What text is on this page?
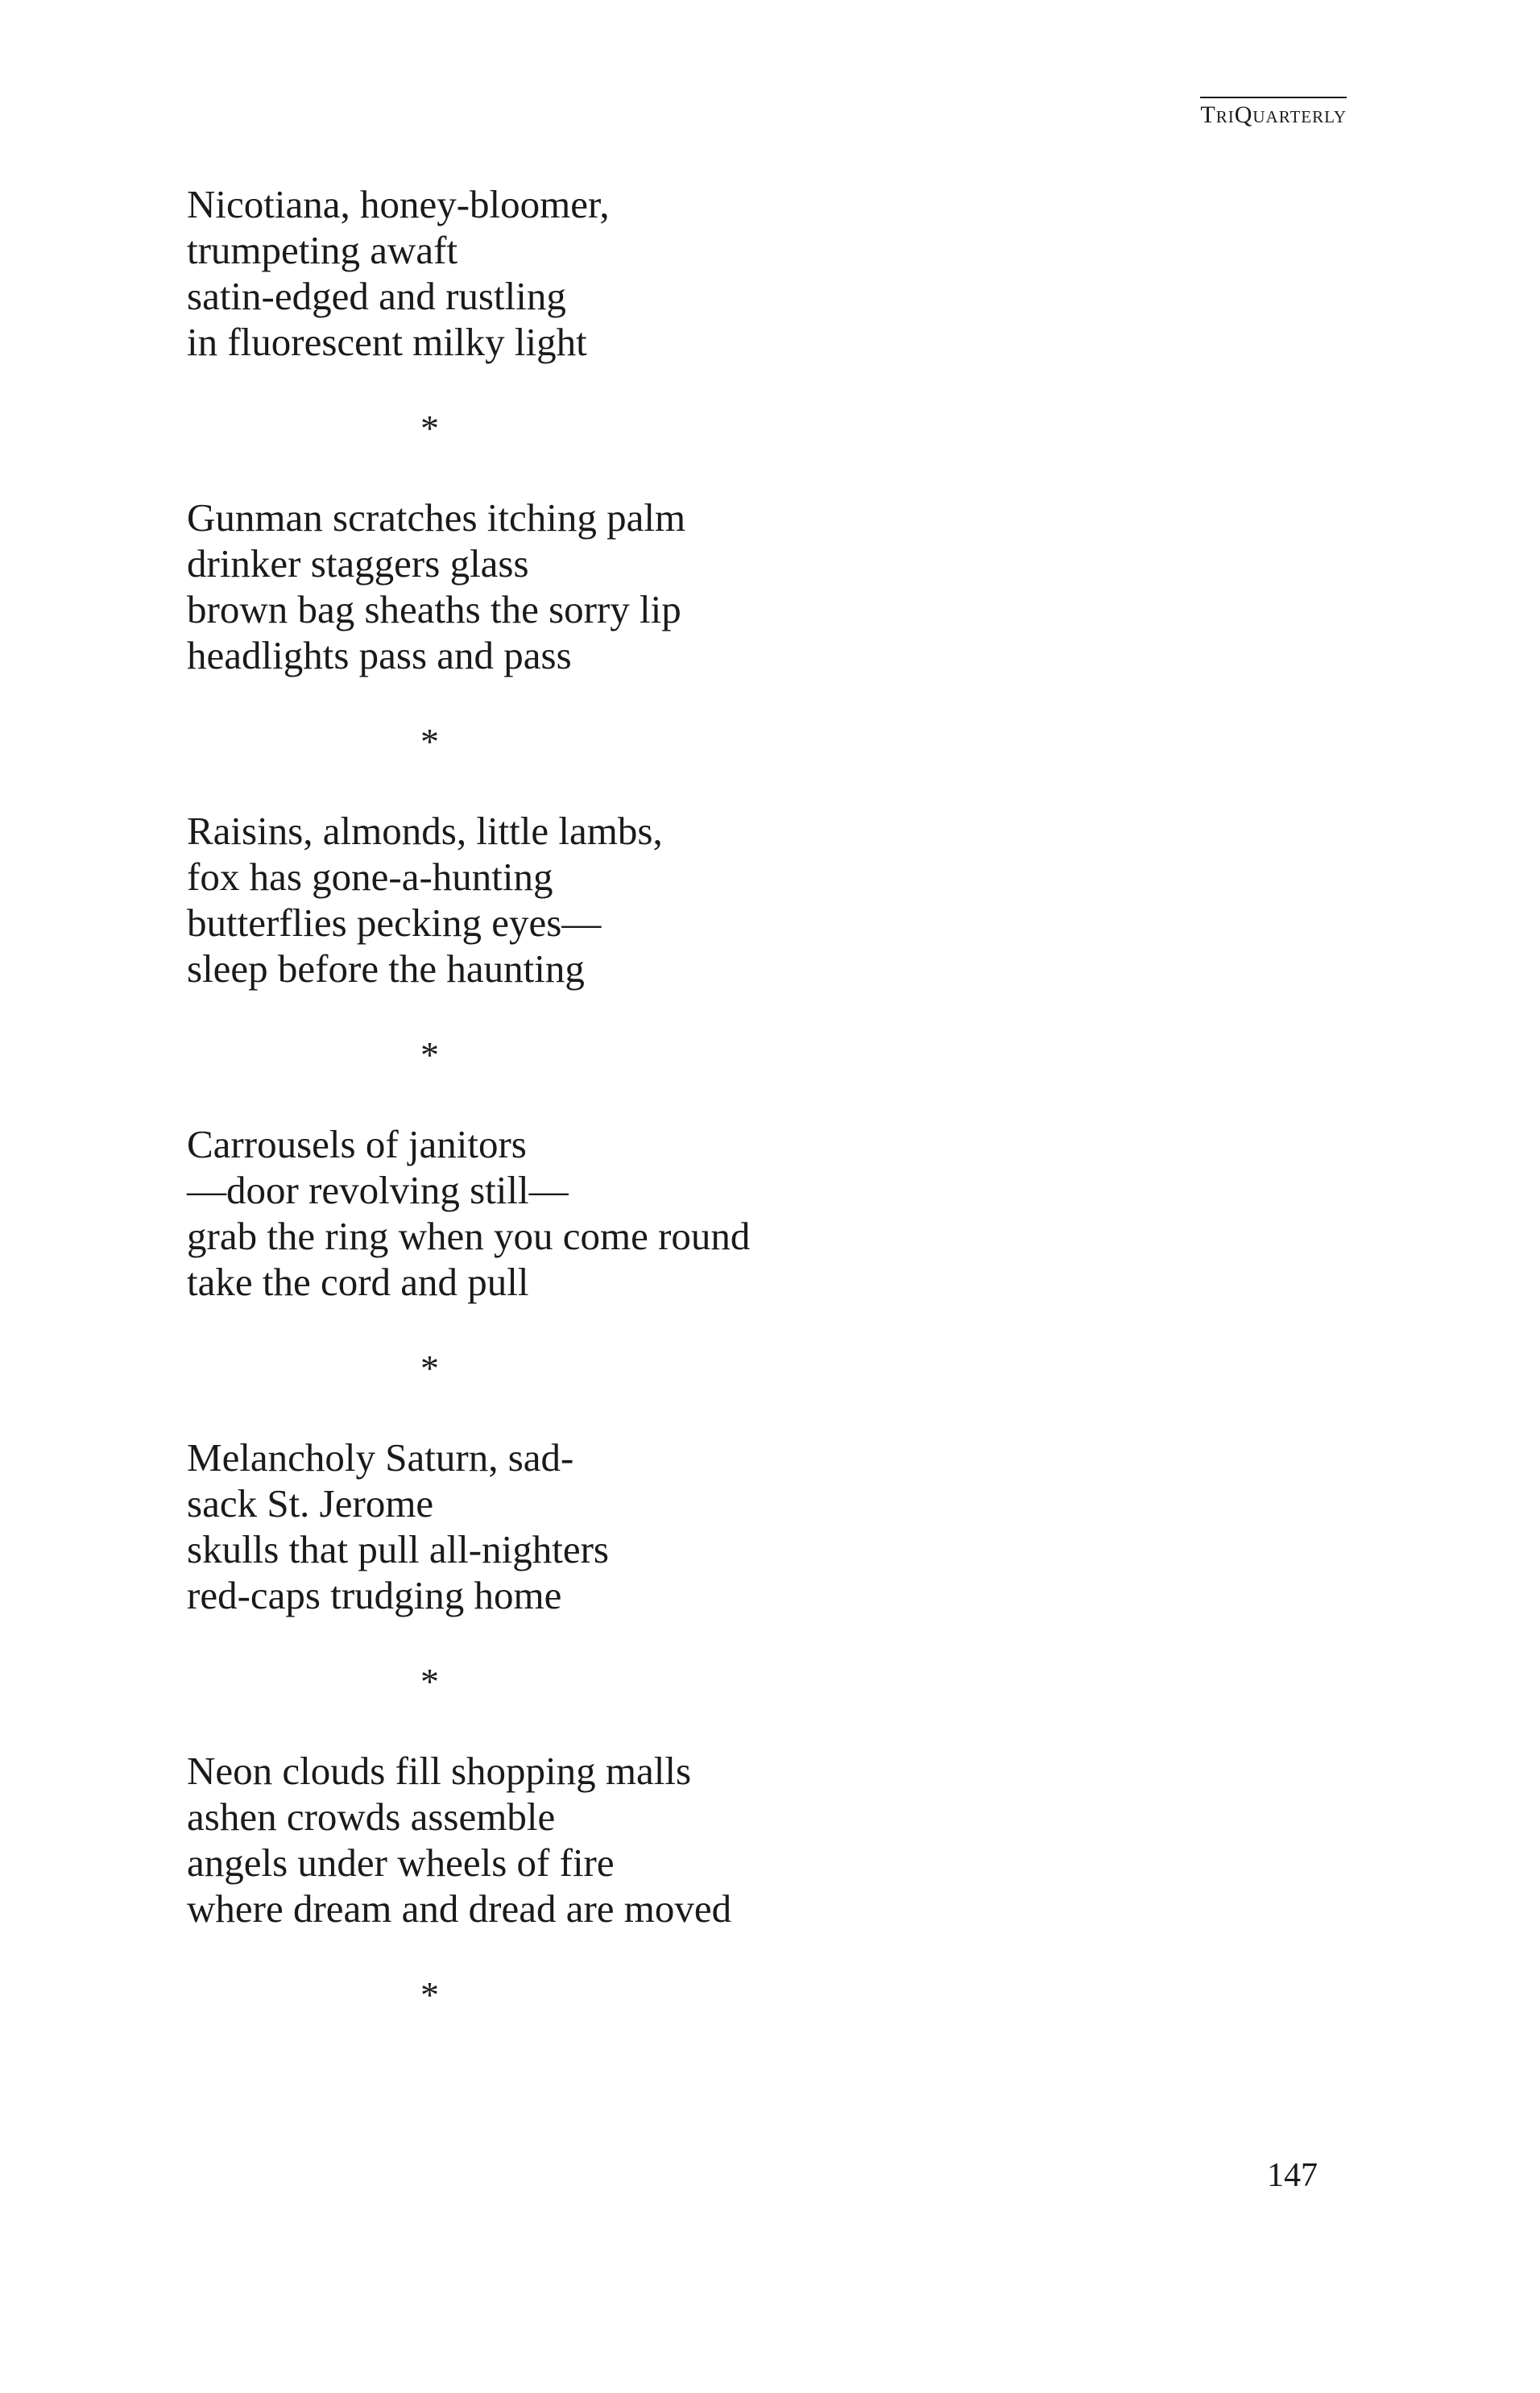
TriQuarterly
Nicotiana, honey-bloomer,
trumpeting awaft
satin-edged and rustling
in fluorescent milky light
*
Gunman scratches itching palm
drinker staggers glass
brown bag sheaths the sorry lip
headlights pass and pass
*
Raisins, almonds, little lambs,
fox has gone-a-hunting
butterflies pecking eyes—
sleep before the haunting
*
Carrousels of janitors
—door revolving still—
grab the ring when you come round
take the cord and pull
*
Melancholy Saturn, sad-
sack St. Jerome
skulls that pull all-nighters
red-caps trudging home
*
Neon clouds fill shopping malls
ashen crowds assemble
angels under wheels of fire
where dream and dread are moved
*
147
